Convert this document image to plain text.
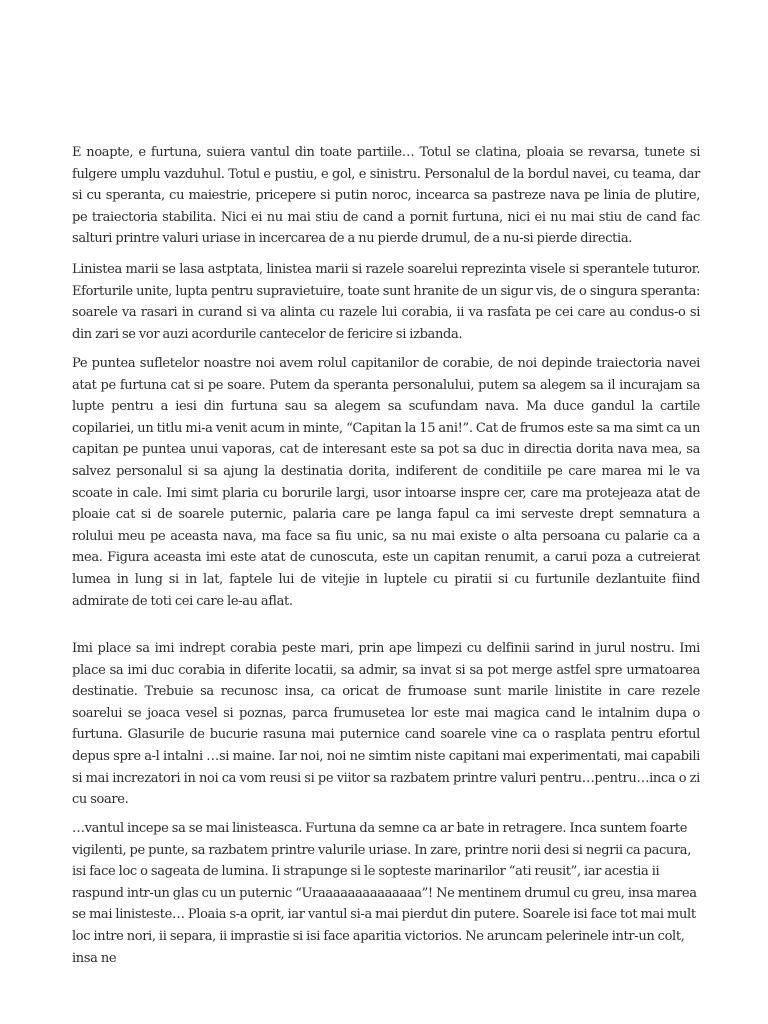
E noapte, e furtuna, suiera vantul din toate partiile… Totul se clatina, ploaia se revarsa, tunete si fulgere umplu vazduhul. Totul e pustiu, e gol, e sinistru. Personalul de la bordul navei, cu teama, dar si cu speranta, cu maiestrie, pricepere si putin noroc, incearca sa pastreze nava pe linia de plutire, pe traiectoria stabilita. Nici ei nu mai stiu de cand a pornit furtuna, nici ei nu mai stiu de cand fac salturi printre valuri uriase in incercarea de a nu pierde drumul, de a nu-si pierde directia.

Linistea marii se lasa astptata, linistea marii si razele soarelui reprezinta visele si sperantele tuturor. Eforturile unite, lupta pentru supravietuire, toate sunt hranite de un sigur vis, de o singura speranta: soarele va rasari in curand si va alinta cu razele lui corabia, ii va rasfata pe cei care au condus-o si din zari se vor auzi acordurile cantecelor de fericire si izbanda.

Pe puntea sufletelor noastre noi avem rolul capitanilor de corabie, de noi depinde traiectoria navei atat pe furtuna cat si pe soare. Putem da speranta personalului, putem sa alegem sa il incurajam sa lupte pentru a iesi din furtuna sau sa alegem sa scufundam nava. Ma duce gandul la cartile copilariei, un titlu mi-a venit acum in minte, “Capitan la 15 ani!”. Cat de frumos este sa ma simt ca un capitan pe puntea unui vaporas, cat de interesant este sa pot sa duc in directia dorita nava mea, sa salvez personalul si sa ajung la destinatia dorita, indiferent de conditiile pe care marea mi le va scoate in cale. Imi simt plaria cu borurile largi, usor intoarse inspre cer, care ma protejeaza atat de ploaie cat si de soarele puternic, palaria care pe langa fapul ca imi serveste drept semnatura a rolului meu pe aceasta nava, ma face sa fiu unic, sa nu mai existe o alta persoana cu palarie ca a mea. Figura aceasta imi este atat de cunoscuta, este un capitan renumit, a carui poza a cutreierat lumea in lung si in lat, faptele lui de vitejie in luptele cu piratii si cu furtunile dezlantuite fiind admirate de toti cei care le-au aflat.

Imi place sa imi indrept corabia peste mari, prin ape limpezi cu delfinii sarind in jurul nostru. Imi place sa imi duc corabia in diferite locatii, sa admir, sa invat si sa pot merge astfel spre urmatoarea destinatie. Trebuie sa recunosc insa, ca oricat de frumoase sunt marile linistite in care rezele soarelui se joaca vesel si poznas, parca frumusetea lor este mai magica cand le intalnim dupa o furtuna. Glasurile de bucurie rasuna mai puternice cand soarele vine ca o rasplata pentru efortul depus spre a-l intalni …si maine. Iar noi, noi ne simtim niste capitani mai experimentati, mai capabili si mai increzatori in noi ca vom reusi si pe viitor sa razbatem printre valuri pentru…pentru…inca o zi cu soare.

…vantul incepe sa se mai linisteasca. Furtuna da semne ca ar bate in retragere. Inca suntem foarte vigilenti, pe punte, sa razbatem printre valurile uriase. In zare, printre norii desi si negrii ca pacura, isi face loc o sageata de lumina. Ii strapunge si le sopteste marinarilor “ati reusit”, iar acestia ii raspund intr-un glas cu un puternic “Uraaaaaaaaaaaaaa”! Ne mentinem drumul cu greu, insa marea se mai linisteste… Ploaia s-a oprit, iar vantul si-a mai pierdut din putere. Soarele isi face tot mai mult loc intre nori, ii separa, ii imprastie si isi face aparitia victorios. Ne aruncam pelerinele intr-un colt, insa ne
